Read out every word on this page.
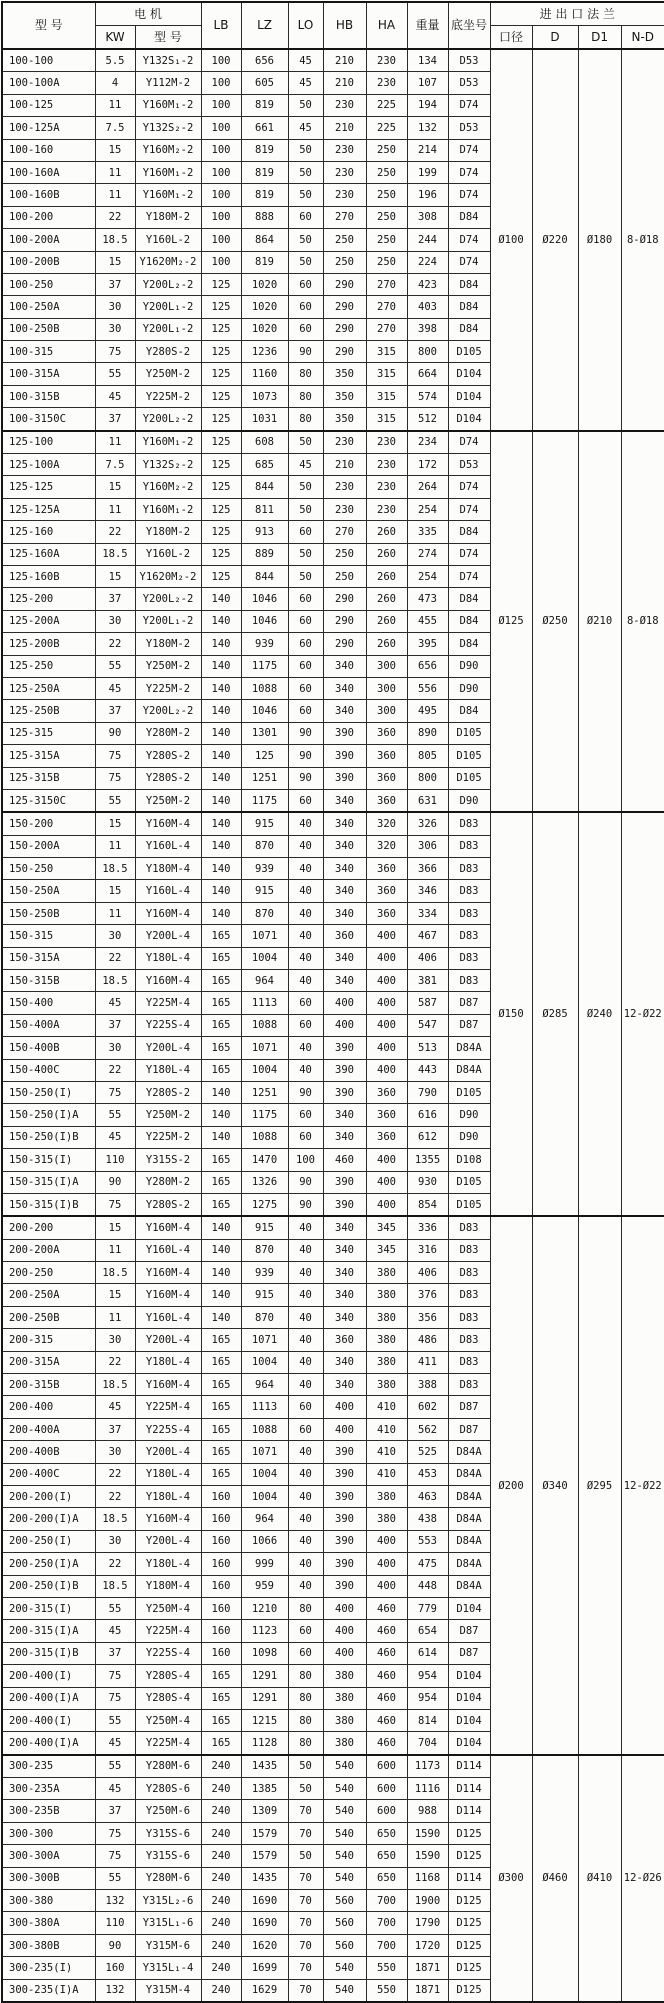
型 号	电 机		LB	LZ	LO	HB	HA	重量	底坐号	进 出 口 法 兰			
	KW	型 号								口径	D	D1	N-D
100-100	5.5	Y132S₁-2	100	656	45	210	230	134	D53	Ø100	Ø220	Ø180	8-Ø18
100-100A	4	Y112M-2	100	605	45	210	230	107	D53				
100-125	11	Y160M₁-2	100	819	50	230	225	194	D74				
100-125A	7.5	Y132S₂-2	100	661	45	210	225	132	D53				
100-160	15	Y160M₂-2	100	819	50	230	250	214	D74				
100-160A	11	Y160M₁-2	100	819	50	230	250	199	D74				
100-160B	11	Y160M₁-2	100	819	50	230	250	196	D74				
100-200	22	Y180M-2	100	888	60	270	250	308	D84				
100-200A	18.5	Y160L-2	100	864	50	250	250	244	D74				
100-200B	15	Y1620M₂-2	100	819	50	250	250	224	D74				
100-250	37	Y200L₂-2	125	1020	60	290	270	423	D84				
100-250A	30	Y200L₁-2	125	1020	60	290	270	403	D84				
100-250B	30	Y200L₁-2	125	1020	60	290	270	398	D84				
100-315	75	Y280S-2	125	1236	90	290	315	800	D105				
100-315A	55	Y250M-2	125	1160	80	350	315	664	D104				
100-315B	45	Y225M-2	125	1073	80	350	315	574	D104				
100-3150C	37	Y200L₂-2	125	1031	80	350	315	512	D104				
125-100	11	Y160M₁-2	125	608	50	230	230	234	D74	Ø125	Ø250	Ø210	8-Ø18
125-100A	7.5	Y132S₂-2	125	685	45	210	230	172	D53				
125-125	15	Y160M₂-2	125	844	50	230	230	264	D74				
125-125A	11	Y160M₁-2	125	811	50	230	230	254	D74				
125-160	22	Y180M-2	125	913	60	270	260	335	D84				
125-160A	18.5	Y160L-2	125	889	50	250	260	274	D74				
125-160B	15	Y1620M₂-2	125	844	50	250	260	254	D74				
125-200	37	Y200L₂-2	140	1046	60	290	260	473	D84				
125-200A	30	Y200L₁-2	140	1046	60	290	260	455	D84				
125-200B	22	Y180M-2	140	939	60	290	260	395	D84				
125-250	55	Y250M-2	140	1175	60	340	300	656	D90				
125-250A	45	Y225M-2	140	1088	60	340	300	556	D90				
125-250B	37	Y200L₂-2	140	1046	60	340	300	495	D84				
125-315	90	Y280M-2	140	1301	90	390	360	890	D105				
125-315A	75	Y280S-2	140	125	90	390	360	805	D105				
125-315B	75	Y280S-2	140	1251	90	390	360	800	D105				
125-3150C	55	Y250M-2	140	1175	60	340	360	631	D90				
150-200	15	Y160M-4	140	915	40	340	320	326	D83	Ø150	Ø285	Ø240	12-Ø22
150-200A	11	Y160L-4	140	870	40	340	320	306	D83				
150-250	18.5	Y180M-4	140	939	40	340	360	366	D83				
150-250A	15	Y160L-4	140	915	40	340	360	346	D83				
150-250B	11	Y160M-4	140	870	40	340	360	334	D83				
150-315	30	Y200L-4	165	1071	40	360	400	467	D83				
150-315A	22	Y180L-4	165	1004	40	340	400	406	D83				
150-315B	18.5	Y160M-4	165	964	40	340	400	381	D83				
150-400	45	Y225M-4	165	1113	60	400	400	587	D87				
150-400A	37	Y225S-4	165	1088	60	400	400	547	D87				
150-400B	30	Y200L-4	165	1071	40	390	400	513	D84A				
150-400C	22	Y180L-4	165	1004	40	390	400	443	D84A				
150-250(I)	75	Y280S-2	140	1251	90	390	360	790	D105				
150-250(I)A	55	Y250M-2	140	1175	60	340	360	616	D90				
150-250(I)B	45	Y225M-2	140	1088	60	340	360	612	D90				
150-315(I)	110	Y315S-2	165	1470	100	460	400	1355	D108				
150-315(I)A	90	Y280M-2	165	1326	90	390	400	930	D105				
150-315(I)B	75	Y280S-2	165	1275	90	390	400	854	D105				
200-200	15	Y160M-4	140	915	40	340	345	336	D83	Ø200	Ø340	Ø295	12-Ø22
200-200A	11	Y160L-4	140	870	40	340	345	316	D83				
200-250	18.5	Y160M-4	140	939	40	340	380	406	D83				
200-250A	15	Y160M-4	140	915	40	340	380	376	D83				
200-250B	11	Y160L-4	140	870	40	340	380	356	D83				
200-315	30	Y200L-4	165	1071	40	360	380	486	D83				
200-315A	22	Y180L-4	165	1004	40	340	380	411	D83				
200-315B	18.5	Y160M-4	165	964	40	340	380	388	D83				
200-400	45	Y225M-4	165	1113	60	400	410	602	D87				
200-400A	37	Y225S-4	165	1088	60	400	410	562	D87				
200-400B	30	Y200L-4	165	1071	40	390	410	525	D84A				
200-400C	22	Y180L-4	165	1004	40	390	410	453	D84A				
200-200(I)	22	Y180L-4	160	1004	40	390	380	463	D84A				
200-200(I)A	18.5	Y160M-4	160	964	40	390	380	438	D84A				
200-250(I)	30	Y200L-4	160	1066	40	390	400	553	D84A				
200-250(I)A	22	Y180L-4	160	999	40	390	400	475	D84A				
200-250(I)B	18.5	Y180M-4	160	959	40	390	400	448	D84A				
200-315(I)	55	Y250M-4	160	1210	80	400	460	779	D104				
200-315(I)A	45	Y225M-4	160	1123	60	400	460	654	D87				
200-315(I)B	37	Y225S-4	160	1098	60	400	460	614	D87				
200-400(I)	75	Y280S-4	165	1291	80	380	460	954	D104				
200-400(I)A	75	Y280S-4	165	1291	80	380	460	954	D104				
200-400(I)	55	Y250M-4	165	1215	80	380	460	814	D104				
200-400(I)A	45	Y225M-4	165	1128	80	380	460	704	D104				
300-235	55	Y280M-6	240	1435	50	540	600	1173	D114	Ø300	Ø460	Ø410	12-Ø26
300-235A	45	Y280S-6	240	1385	50	540	600	1116	D114				
300-235B	37	Y250M-6	240	1309	70	540	600	988	D114				
300-300	75	Y315S-6	240	1579	70	540	650	1590	D125				
300-300A	75	Y315S-6	240	1579	50	540	650	1590	D125				
300-300B	55	Y280M-6	240	1435	70	540	650	1168	D114				
300-380	132	Y315L₂-6	240	1690	70	560	700	1900	D125				
300-380A	110	Y315L₁-6	240	1690	70	560	700	1790	D125				
300-380B	90	Y315M-6	240	1620	70	560	700	1720	D125				
300-235(I)	160	Y315L₁-4	240	1699	70	540	550	1871	D125				
300-235(I)A	132	Y315M-4	240	1629	70	540	550	1871	D125				
